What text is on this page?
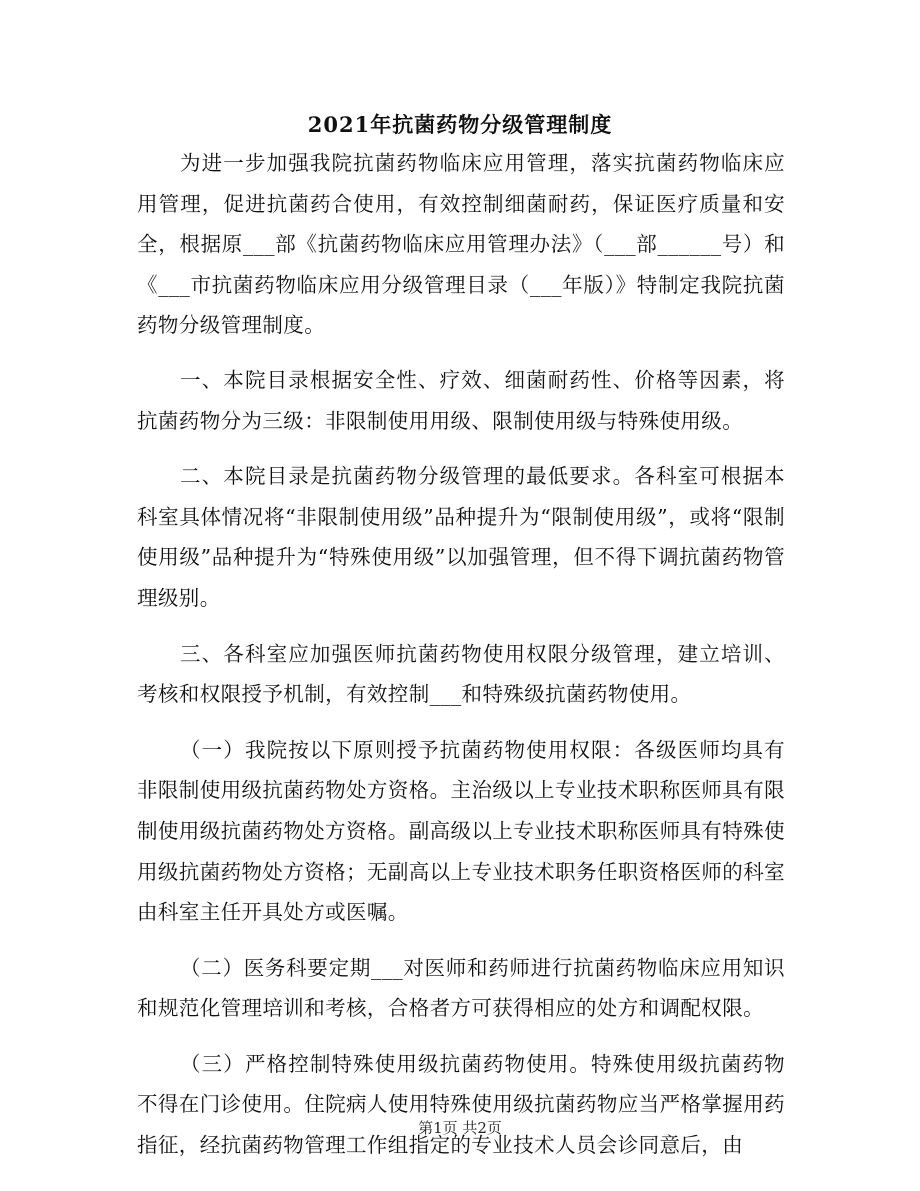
2021年抗菌药物分级管理制度

为进一步加强我院抗菌药物临床应用管理，落实抗菌药物临床应用管理，促进抗菌药合使用，有效控制细菌耐药，保证医疗质量和安全，根据原___部《抗菌药物临床应用管理办法》（___部______号）和《___市抗菌药物临床应用分级管理目录（___年版）》特制定我院抗菌药物分级管理制度。

一、本院目录根据安全性、疗效、细菌耐药性、价格等因素，将抗菌药物分为三级：非限制使用用级、限制使用级与特殊使用级。

二、本院目录是抗菌药物分级管理的最低要求。各科室可根据本科室具体情况将“非限制使用级”品种提升为“限制使用级”，或将“限制使用级”品种提升为“特殊使用级”以加强管理，但不得下调抗菌药物管理级别。

三、各科室应加强医师抗菌药物使用权限分级管理，建立培训、考核和权限授予机制，有效控制___和特殊级抗菌药物使用。

（一）我院按以下原则授予抗菌药物使用权限：各级医师均具有非限制使用级抗菌药物处方资格。主治级以上专业技术职称医师具有限制使用级抗菌药物处方资格。副高级以上专业技术职称医师具有特殊使用级抗菌药物处方资格；无副高以上专业技术职务任职资格医师的科室由科室主任开具处方或医嘱。

（二）医务科要定期___对医师和药师进行抗菌药物临床应用知识和规范化管理培训和考核，合格者方可获得相应的处方和调配权限。

（三）严格控制特殊使用级抗菌药物使用。特殊使用级抗菌药物不得在门诊使用。住院病人使用特殊使用级抗菌药物应当严格掌握用药指征，经抗菌药物管理工作组指定的专业技术人员会诊同意后，由

第1页 共2页
